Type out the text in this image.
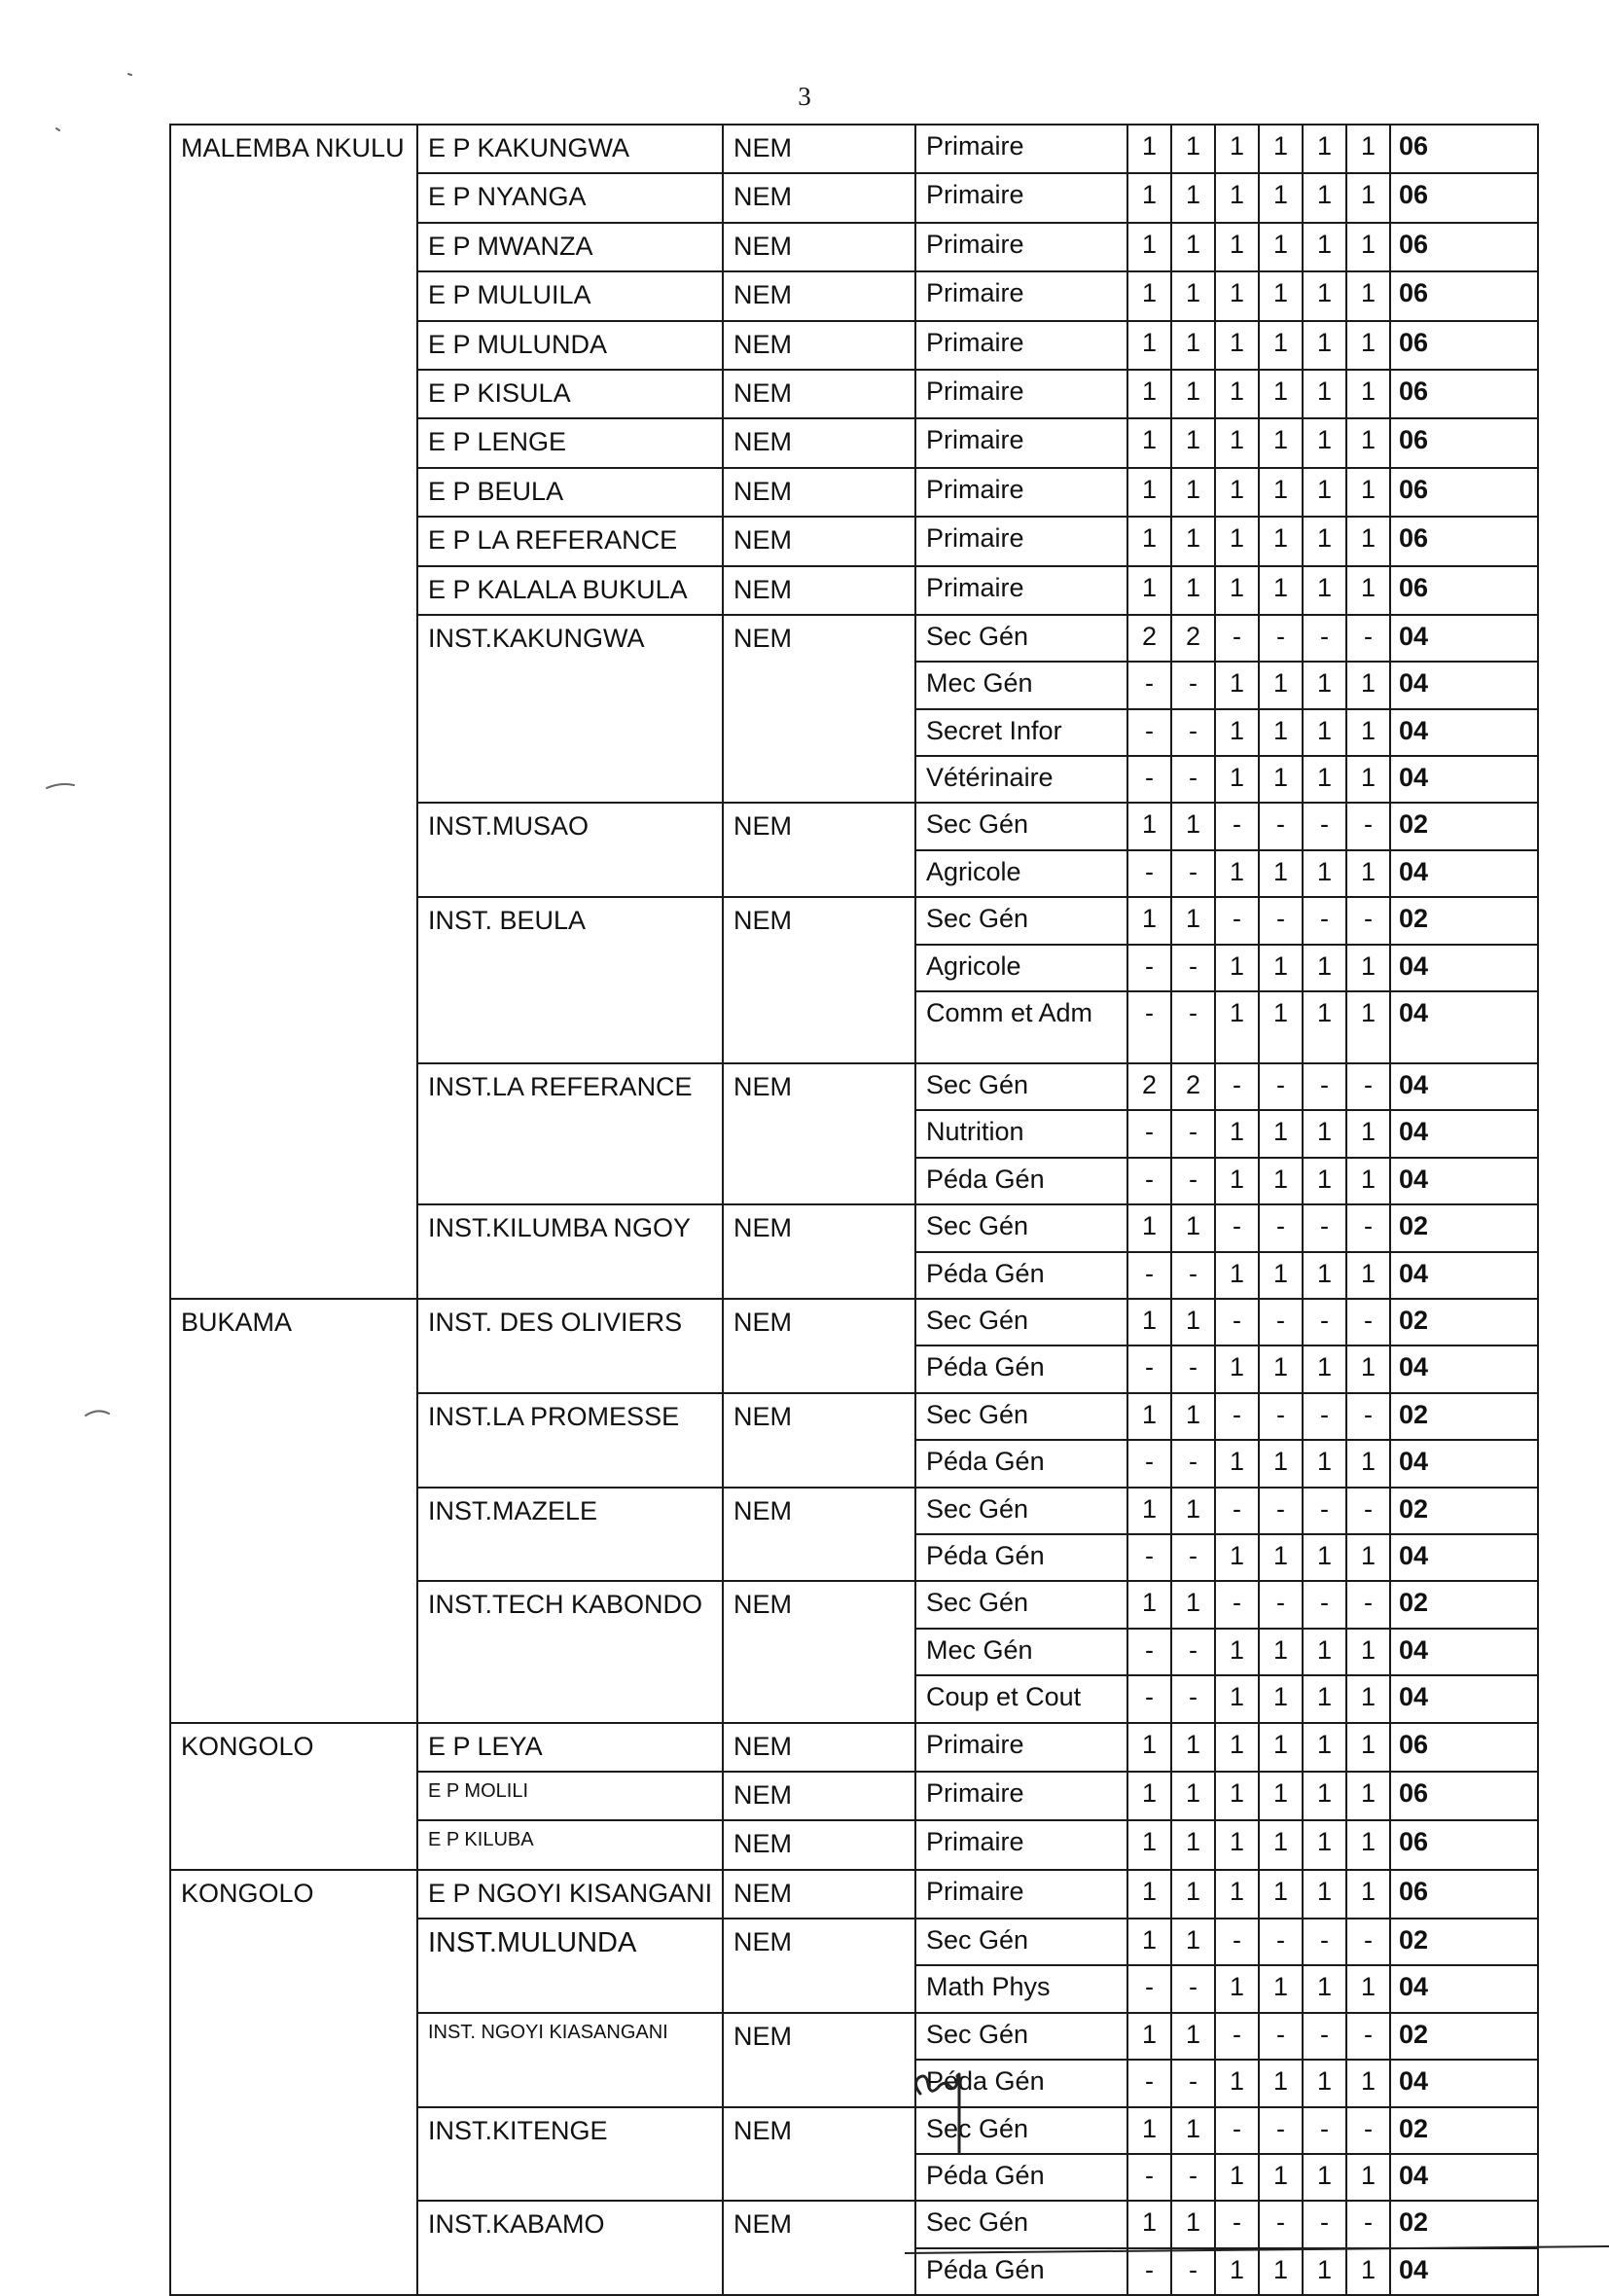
3
MALEMBA NKULU	E P KAKUNGWA	NEM	Primaire	1	1	1	1	1	1	06
	E P NYANGA	NEM	Primaire	1	1	1	1	1	1	06
	E P MWANZA	NEM	Primaire	1	1	1	1	1	1	06
	E P MULUILA	NEM	Primaire	1	1	1	1	1	1	06
	E P MULUNDA	NEM	Primaire	1	1	1	1	1	1	06
	E P KISULA	NEM	Primaire	1	1	1	1	1	1	06
	E P LENGE	NEM	Primaire	1	1	1	1	1	1	06
	E P BEULA	NEM	Primaire	1	1	1	1	1	1	06
	E P LA REFERANCE	NEM	Primaire	1	1	1	1	1	1	06
	E P KALALA BUKULA	NEM	Primaire	1	1	1	1	1	1	06
	INST.KAKUNGWA	NEM	Sec Gén	2	2	-	-	-	-	04
			Mec Gén	-	-	1	1	1	1	04
			Secret Infor	-	-	1	1	1	1	04
			Vétérinaire	-	-	1	1	1	1	04
	INST.MUSAO	NEM	Sec Gén	1	1	-	-	-	-	02
			Agricole	-	-	1	1	1	1	04
	INST. BEULA	NEM	Sec Gén	1	1	-	-	-	-	02
			Agricole	-	-	1	1	1	1	04
			Comm et Adm	-	-	1	1	1	1	04
	INST.LA REFERANCE	NEM	Sec Gén	2	2	-	-	-	-	04
			Nutrition	-	-	1	1	1	1	04
			Péda Gén	-	-	1	1	1	1	04
	INST.KILUMBA NGOY	NEM	Sec Gén	1	1	-	-	-	-	02
			Péda Gén	-	-	1	1	1	1	04
BUKAMA	INST. DES OLIVIERS	NEM	Sec Gén	1	1	-	-	-	-	02
			Péda Gén	-	-	1	1	1	1	04
	INST.LA PROMESSE	NEM	Sec Gén	1	1	-	-	-	-	02
			Péda Gén	-	-	1	1	1	1	04
	INST.MAZELE	NEM	Sec Gén	1	1	-	-	-	-	02
			Péda Gén	-	-	1	1	1	1	04
	INST.TECH KABONDO	NEM	Sec Gén	1	1	-	-	-	-	02
			Mec Gén	-	-	1	1	1	1	04
			Coup et Cout	-	-	1	1	1	1	04
KONGOLO	E P LEYA	NEM	Primaire	1	1	1	1	1	1	06
	E P MOLILI	NEM	Primaire	1	1	1	1	1	1	06
	E P KILUBA	NEM	Primaire	1	1	1	1	1	1	06
KONGOLO	E P NGOYI KISANGANI	NEM	Primaire	1	1	1	1	1	1	06
	INST.MULUNDA	NEM	Sec Gén	1	1	-	-	-	-	02
			Math Phys	-	-	1	1	1	1	04
	INST. NGOYI KIASANGANI	NEM	Sec Gén	1	1	-	-	-	-	02
			Péda Gén	-	-	1	1	1	1	04
	INST.KITENGE	NEM	Sec Gén	1	1	-	-	-	-	02
			Péda Gén	-	-	1	1	1	1	04
	INST.KABAMO	NEM	Sec Gén	1	1	-	-	-	-	02
			Péda Gén	-	-	1	1	1	1	04
